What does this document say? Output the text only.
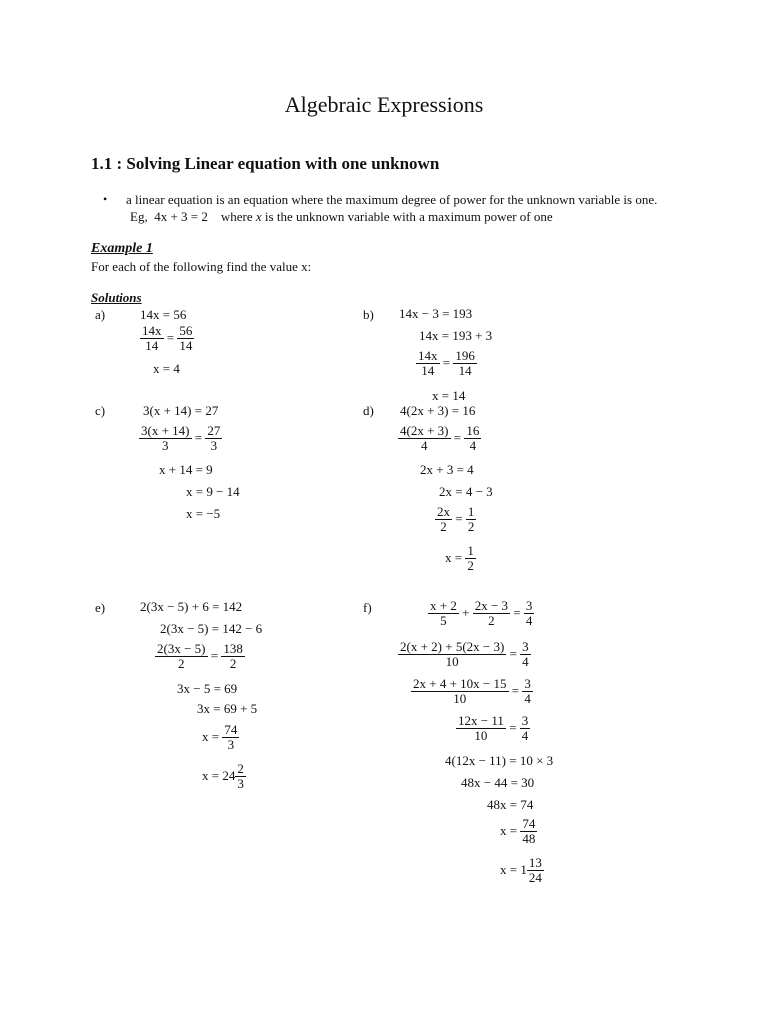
Algebraic Expressions
1.1 : Solving Linear equation with one unknown
• a linear equation is an equation where the maximum degree of power for the unknown variable is one.
Eg, 4x + 3 = 2 where x is the unknown variable with a maximum power of one
Example 1
For each of the following find the value x:
Solutions
a)	14x = 56
$\frac{14x}{14} = \frac{56}{14}$
x = 4
b) 14x − 3 = 193
14x = 193 + 3
$\frac{14x}{14} = \frac{196}{14}$
x = 14
c)	3(x + 14) = 27
$\frac{3(x + 14)}{3} = \frac{27}{3}$
x + 14 = 9
x = 9 − 14
x = −5
d) 4(2x + 3) = 16
$\frac{4(2x + 3)}{4} = \frac{16}{4}$
2x + 3 = 4
2x = 4 − 3
$\frac{2x}{2} = \frac{1}{2}$
$x = \frac{1}{2}$
e)	2(3x − 5) + 6 = 142
2(3x − 5) = 142 − 6
$\frac{2(3x - 5)}{2} = \frac{138}{2}$
3x − 5 = 69
3x = 69 + 5
$x = \frac{74}{3}$
$x = 24 \frac{2}{3}$
f)	$\frac{x + 2}{5} + \frac{2x - 3}{2} = \frac{3}{4}$
$\frac{2(x + 2) + 5(2x - 3)}{10} = \frac{3}{4}$
$\frac{2x + 4 + 10x - 15}{10} = \frac{3}{4}$
$\frac{12x - 11}{10} = \frac{3}{4}$
4(12x − 11) = 10 × 3
48x − 44 = 30
48x = 74
$x = \frac{74}{48}$
$x = 1 \frac{13}{24}$
